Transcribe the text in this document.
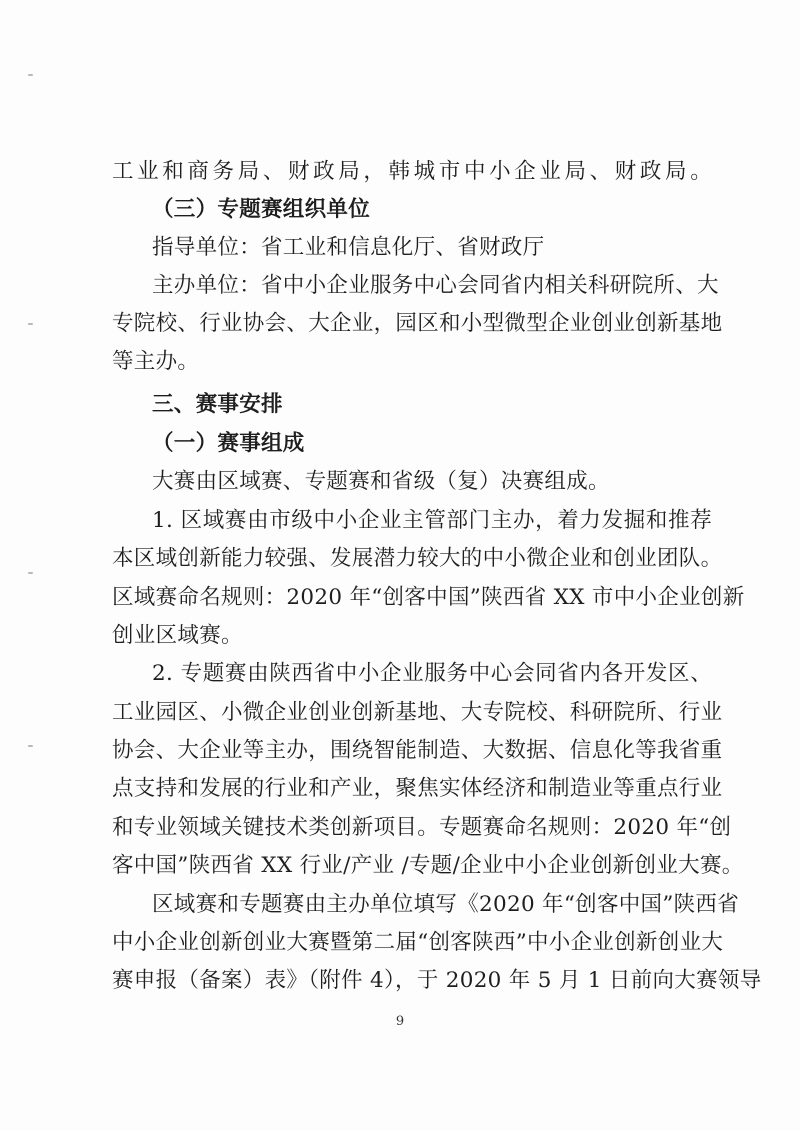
工业和商务局、财政局，韩城市中小企业局、财政局。
（三）专题赛组织单位
指导单位：省工业和信息化厅、省财政厅
主办单位：省中小企业服务中心会同省内相关科研院所、大
专院校、行业协会、大企业，园区和小型微型企业创业创新基地
等主办。
三、赛事安排
（一）赛事组成
大赛由区域赛、专题赛和省级（复）决赛组成。
1. 区域赛由市级中小企业主管部门主办，着力发掘和推荐
本区域创新能力较强、发展潜力较大的中小微企业和创业团队。
区域赛命名规则：2020 年“创客中国”陕西省 XX 市中小企业创新
创业区域赛。
2. 专题赛由陕西省中小企业服务中心会同省内各开发区、
工业园区、小微企业创业创新基地、大专院校、科研院所、行业
协会、大企业等主办，围绕智能制造、大数据、信息化等我省重
点支持和发展的行业和产业，聚焦实体经济和制造业等重点行业
和专业领域关键技术类创新项目。专题赛命名规则：2020 年“创
客中国”陕西省 XX 行业/产业 /专题/企业中小企业创新创业大赛。
区域赛和专题赛由主办单位填写《2020 年“创客中国”陕西省
中小企业创新创业大赛暨第二届“创客陕西”中小企业创新创业大
赛申报（备案）表》（附件 4），于 2020 年 5 月 1 日前向大赛领导
9
